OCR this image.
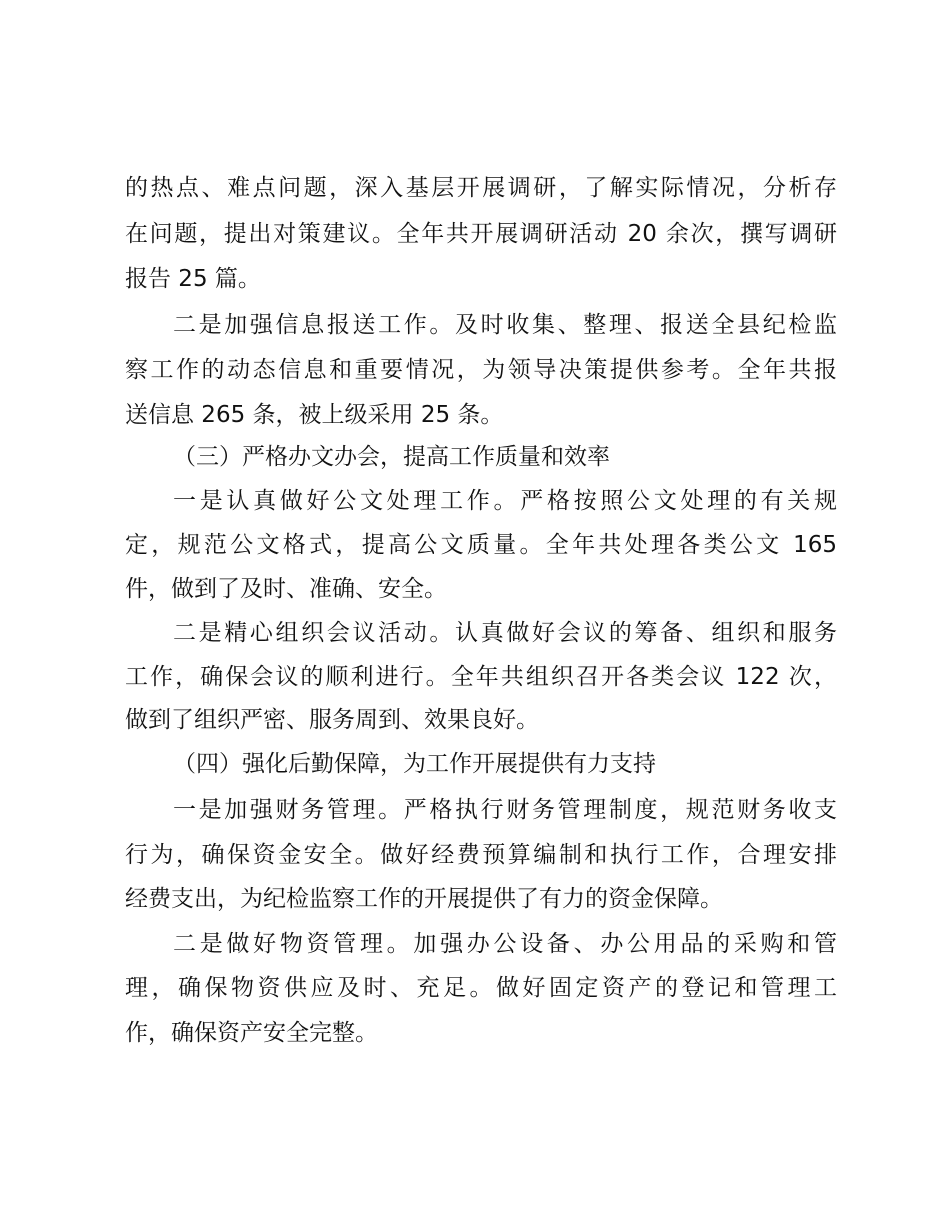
的热点、难点问题，深入基层开展调研，了解实际情况，分析存

在问题，提出对策建议。全年共开展调研活动 20 余次，撰写调研

报告 25 篇。

二是加强信息报送工作。及时收集、整理、报送全县纪检监

察工作的动态信息和重要情况，为领导决策提供参考。全年共报

送信息 265 条，被上级采用 25 条。

（三）严格办文办会，提高工作质量和效率

一是认真做好公文处理工作。严格按照公文处理的有关规

定，规范公文格式，提高公文质量。全年共处理各类公文 165

件，做到了及时、准确、安全。

二是精心组织会议活动。认真做好会议的筹备、组织和服务

工作，确保会议的顺利进行。全年共组织召开各类会议 122 次，

做到了组织严密、服务周到、效果良好。

（四）强化后勤保障，为工作开展提供有力支持

一是加强财务管理。严格执行财务管理制度，规范财务收支

行为，确保资金安全。做好经费预算编制和执行工作，合理安排

经费支出，为纪检监察工作的开展提供了有力的资金保障。

二是做好物资管理。加强办公设备、办公用品的采购和管

理，确保物资供应及时、充足。做好固定资产的登记和管理工

作，确保资产安全完整。
